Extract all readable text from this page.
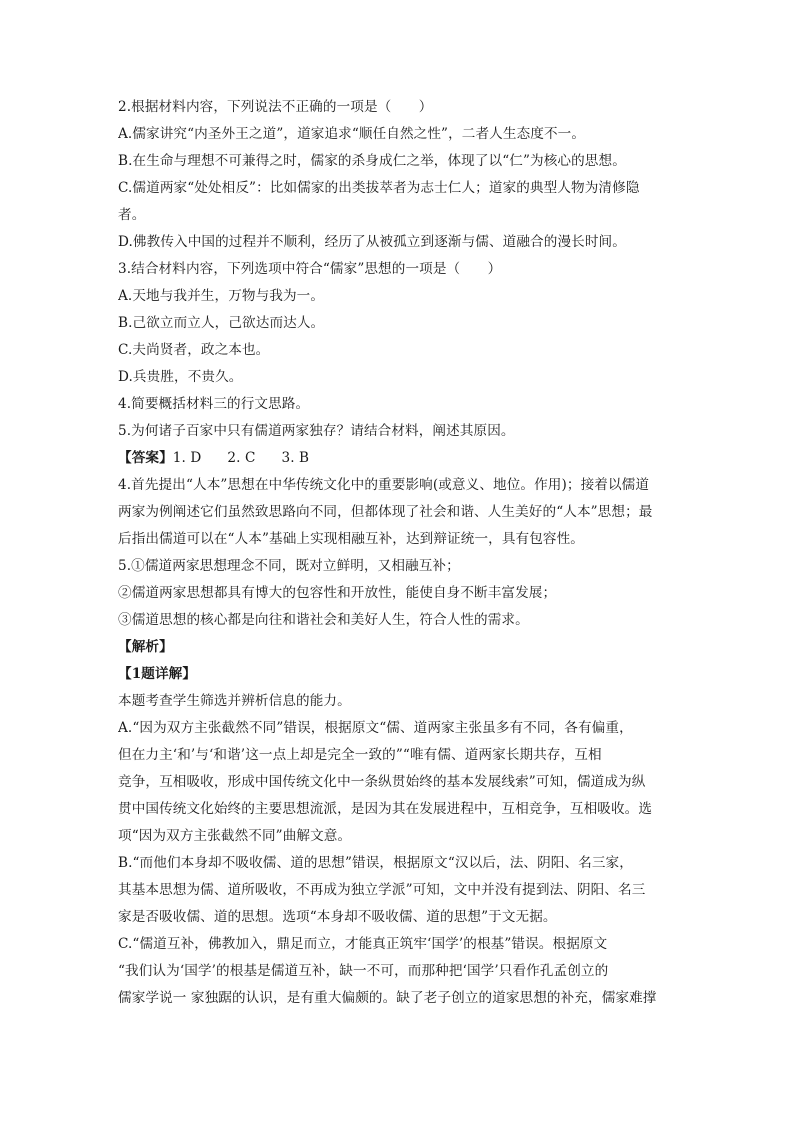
2.根据材料内容，下列说法不正确的一项是（　　）
A.儒家讲究“内圣外王之道”，道家追求“顺任自然之性”，二者人生态度不一。
B.在生命与理想不可兼得之时，儒家的杀身成仁之举，体现了以“仁”为核心的思想。
C.儒道两家“处处相反”：比如儒家的出类拔萃者为志士仁人；道家的典型人物为清修隐
者。
D.佛教传入中国的过程并不顺利，经历了从被孤立到逐渐与儒、道融合的漫长时间。
3.结合材料内容，下列选项中符合“儒家”思想的一项是（　　）
A.天地与我并生，万物与我为一。
B.己欲立而立人，己欲达而达人。
C.夫尚贤者，政之本也。
D.兵贵胜，不贵久。
4.简要概括材料三的行文思路。
5.为何诸子百家中只有儒道两家独存？请结合材料，阐述其原因。
【答案】1. D 2. C 3. B
4.首先提出“人本”思想在中华传统文化中的重要影响(或意义、地位。作用)；接着以儒道
两家为例阐述它们虽然致思路向不同，但都体现了社会和谐、人生美好的“人本”思想；最
后指出儒道可以在“人本”基础上实现相融互补，达到辩证统一，具有包容性。
5.①儒道两家思想理念不同，既对立鲜明，又相融互补；
②儒道两家思想都具有博大的包容性和开放性，能使自身不断丰富发展；
③儒道思想的核心都是向往和谐社会和美好人生，符合人性的需求。
【解析】
【1题详解】
本题考查学生筛选并辨析信息的能力。
A.“因为双方主张截然不同”错误，根据原文“儒、道两家主张虽多有不同，各有偏重，
但在力主‘和’与‘和谐’这一点上却是完全一致的”“唯有儒、道两家长期共存，互相
竞争，互相吸收，形成中国传统文化中一条纵贯始终的基本发展线索”可知，儒道成为纵
贯中国传统文化始终的主要思想流派，是因为其在发展进程中，互相竞争，互相吸收。选
项“因为双方主张截然不同”曲解文意。
B.“而他们本身却不吸收儒、道的思想”错误，根据原文“汉以后，法、阴阳、名三家，
其基本思想为儒、道所吸收，不再成为独立学派”可知，文中并没有提到法、阴阳、名三
家是否吸收儒、道的思想。选项“本身却不吸收儒、道的思想”于文无据。
C.“儒道互补，佛教加入，鼎足而立，才能真正筑牢‘国学’的根基”错误。根据原文
“我们认为‘国学’的根基是儒道互补，缺一不可，而那种把‘国学’只看作孔孟创立的
儒家学说一 家独踞的认识，是有重大偏颇的。缺了老子创立的道家思想的补充，儒家难撑
